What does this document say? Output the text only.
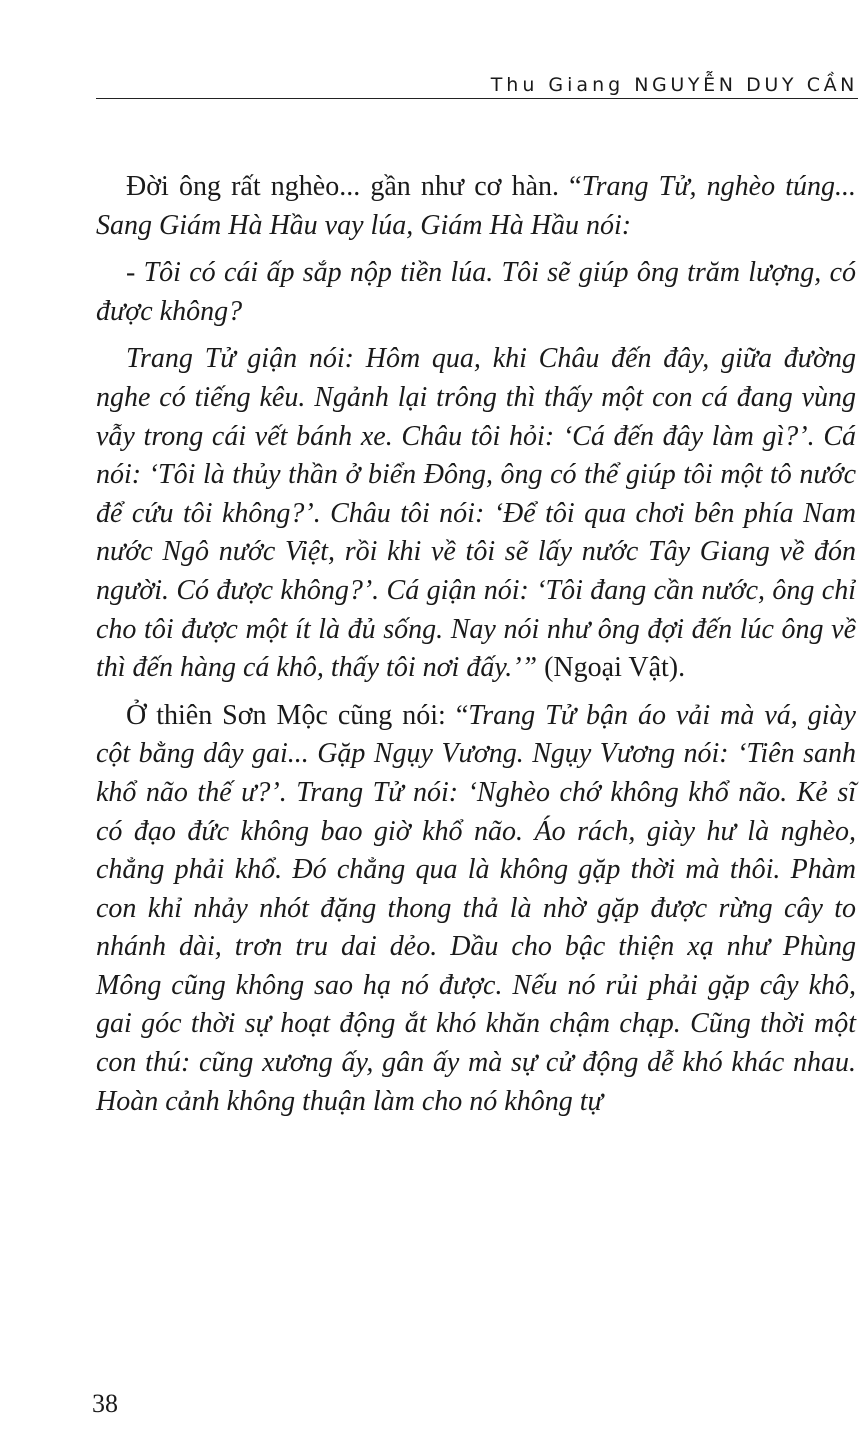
Thu Giang NGUYỄN DUY CẦN

Đời ông rất nghèo... gần như cơ hàn. “Trang Tử, nghèo túng... Sang Giám Hà Hầu vay lúa, Giám Hà Hầu nói:

- Tôi có cái ấp sắp nộp tiền lúa. Tôi sẽ giúp ông trăm lượng, có được không?

Trang Tử giận nói: Hôm qua, khi Châu đến đây, giữa đường nghe có tiếng kêu. Ngảnh lại trông thì thấy một con cá đang vùng vẫy trong cái vết bánh xe. Châu tôi hỏi: ‘Cá đến đây làm gì?’. Cá nói: ‘Tôi là thủy thần ở biển Đông, ông có thể giúp tôi một tô nước để cứu tôi không?’. Châu tôi nói: ‘Để tôi qua chơi bên phía Nam nước Ngô nước Việt, rồi khi về tôi sẽ lấy nước Tây Giang về đón người. Có được không?’. Cá giận nói: ‘Tôi đang cần nước, ông chỉ cho tôi được một ít là đủ sống. Nay nói như ông đợi đến lúc ông về thì đến hàng cá khô, thấy tôi nơi đấy.’” (Ngoại Vật).

Ở thiên Sơn Mộc cũng nói: “Trang Tử bận áo vải mà vá, giày cột bằng dây gai... Gặp Ngụy Vương. Ngụy Vương nói: ‘Tiên sanh khổ não thế ư?’. Trang Tử nói: ‘Nghèo chớ không khổ não. Kẻ sĩ có đạo đức không bao giờ khổ não. Áo rách, giày hư là nghèo, chẳng phải khổ. Đó chẳng qua là không gặp thời mà thôi. Phàm con khỉ nhảy nhót đặng thong thả là nhờ gặp được rừng cây to nhánh dài, trơn tru dai dẻo. Dầu cho bậc thiện xạ như Phùng Mông cũng không sao hạ nó được. Nếu nó rủi phải gặp cây khô, gai góc thời sự hoạt động ắt khó khăn chậm chạp. Cũng thời một con thú: cũng xương ấy, gân ấy mà sự cử động dễ khó khác nhau. Hoàn cảnh không thuận làm cho nó không tự

38
